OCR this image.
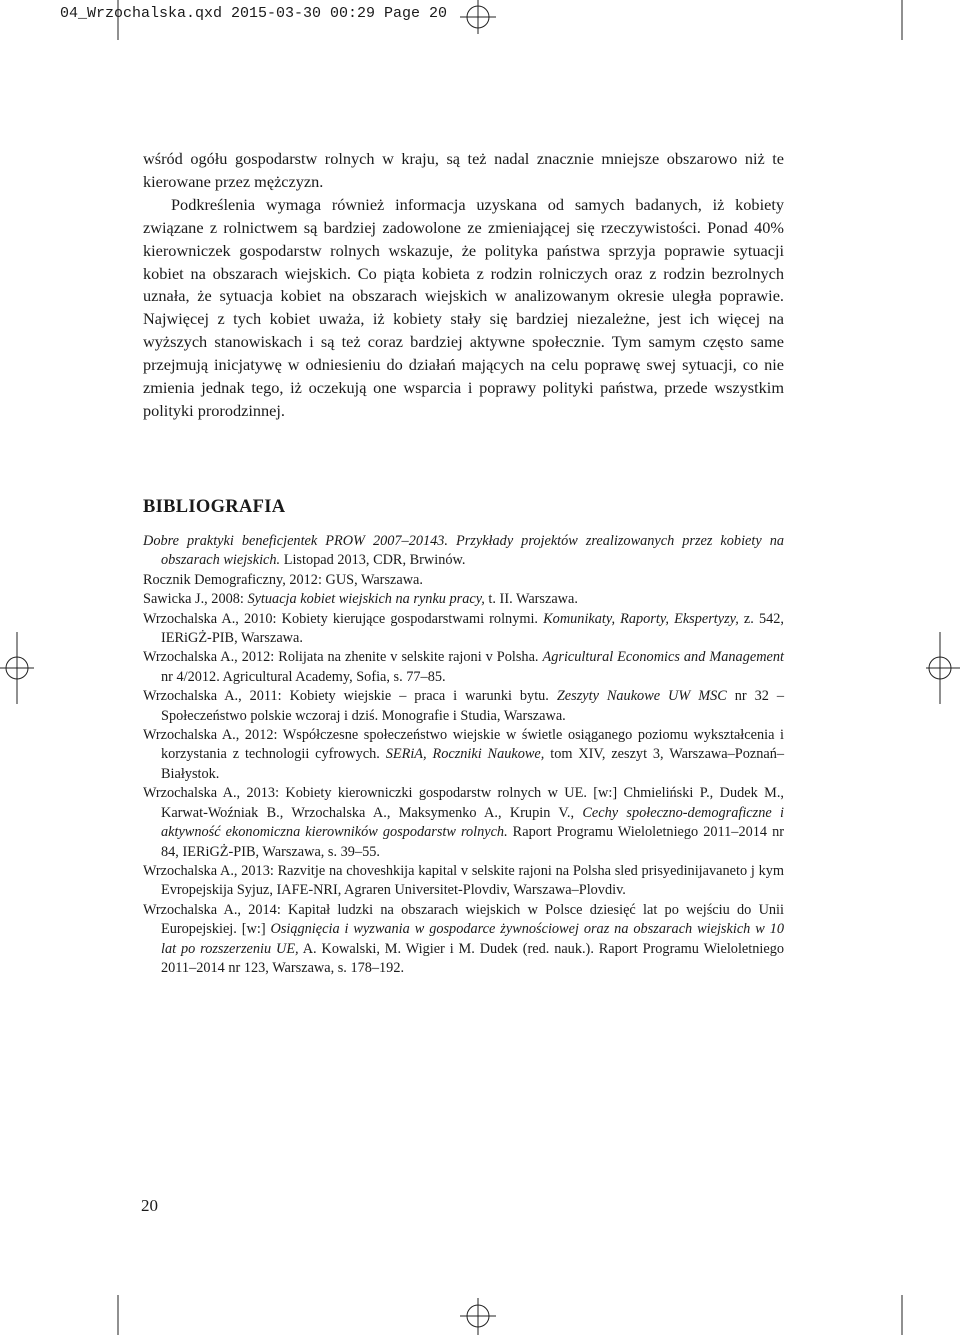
04_Wrzochalska.qxd 2015-03-30 00:29 Page 20

wśród ogółu gospodarstw rolnych w kraju, są też nadal znacznie mniejsze obszarowo niż te kierowane przez mężczyzn.

Podkreślenia wymaga również informacja uzyskana od samych badanych, iż kobiety związane z rolnictwem są bardziej zadowolone ze zmieniającej się rzeczywistości. Ponad 40% kierowniczek gospodarstw rolnych wskazuje, że polityka państwa sprzyja poprawie sytuacji kobiet na obszarach wiejskich. Co piąta kobieta z rodzin rolniczych oraz z rodzin bezrolnych uznała, że sytuacja kobiet na obszarach wiejskich w analizowanym okresie uległa poprawie. Najwięcej z tych kobiet uważa, iż kobiety stały się bardziej niezależne, jest ich więcej na wyższych stanowiskach i są też coraz bardziej aktywne społecznie. Tym samym często same przejmują inicjatywę w odniesieniu do działań mających na celu poprawę swej sytuacji, co nie zmienia jednak tego, iż oczekują one wsparcia i poprawy polityki państwa, przede wszystkim polityki prorodzinnej.

BIBLIOGRAFIA
Dobre praktyki beneficjentek PROW 2007–20143. Przykłady projektów zrealizowanych przez kobiety na obszarach wiejskich. Listopad 2013, CDR, Brwinów.
Rocznik Demograficzny, 2012: GUS, Warszawa.
Sawicka J., 2008: Sytuacja kobiet wiejskich na rynku pracy, t. II. Warszawa.
Wrzochalska A., 2010: Kobiety kierujące gospodarstwami rolnymi. Komunikaty, Raporty, Ekspertyzy, z. 542, IERiGŻ-PIB, Warszawa.
Wrzochalska A., 2012: Rolijata na zhenite v selskite rajoni v Polsha. Agricultural Economics and Management nr 4/2012. Agricultural Academy, Sofia, s. 77–85.
Wrzochalska A., 2011: Kobiety wiejskie – praca i warunki bytu. Zeszyty Naukowe UW MSC nr 32 – Społeczeństwo polskie wczoraj i dziś. Monografie i Studia, Warszawa.
Wrzochalska A., 2012: Współczesne społeczeństwo wiejskie w świetle osiąganego poziomu wykształcenia i korzystania z technologii cyfrowych. SERiA, Roczniki Naukowe, tom XIV, zeszyt 3, Warszawa–Poznań–Białystok.
Wrzochalska A., 2013: Kobiety kierowniczki gospodarstw rolnych w UE. [w:] Chmieliński P., Dudek M., Karwat-Woźniak B., Wrzochalska A., Maksymenko A., Krupin V., Cechy społeczno-demograficzne i aktywność ekonomiczna kierowników gospodarstw rolnych. Raport Programu Wieloletniego 2011–2014 nr 84, IERiGŻ-PIB, Warszawa, s. 39–55.
Wrzochalska A., 2013: Razvitje na choveshkija kapital v selskite rajoni na Polsha sled prisyedinijavaneto j kym Evropejskija Syjuz, IAFE-NRI, Agraren Universitet-Plovdiv, Warszawa–Plovdiv.
Wrzochalska A., 2014: Kapitał ludzki na obszarach wiejskich w Polsce dziesięć lat po wejściu do Unii Europejskiej. [w:] Osiągnięcia i wyzwania w gospodarce żywnościowej oraz na obszarach wiejskich w 10 lat po rozszerzeniu UE, A. Kowalski, M. Wigier i M. Dudek (red. nauk.). Raport Programu Wieloletniego 2011–2014 nr 123, Warszawa, s. 178–192.
20
